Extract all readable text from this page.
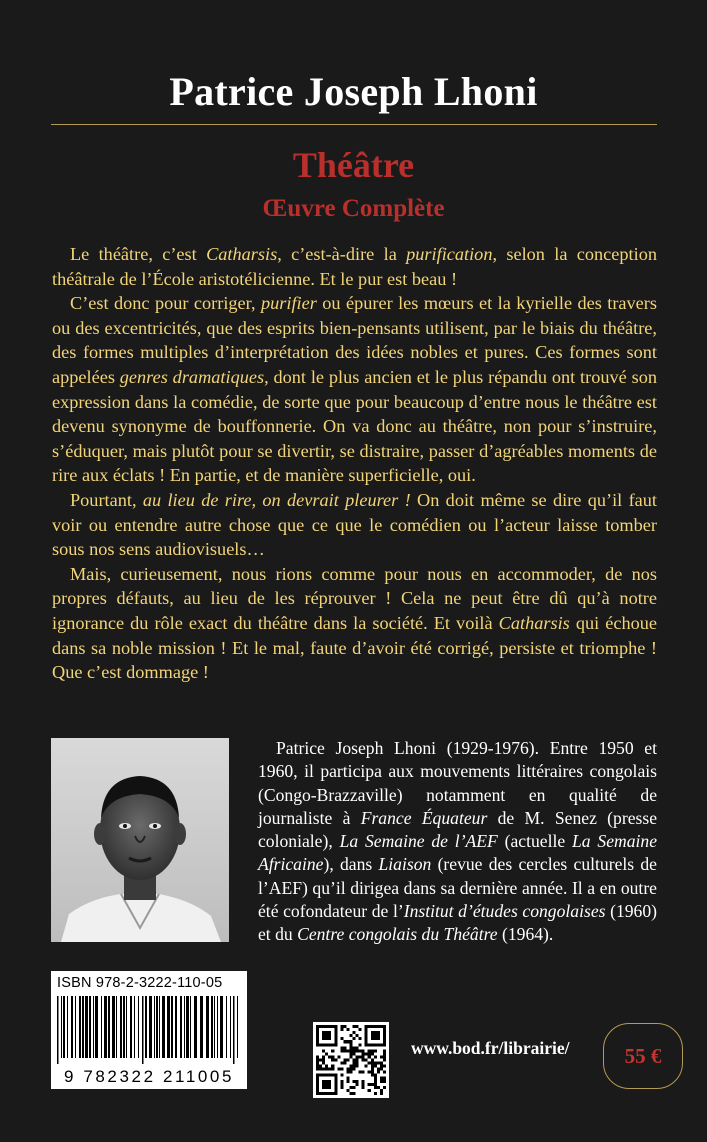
Patrice Joseph Lhoni
Théâtre
Œuvre Complète

Le théâtre, c’est Catharsis, c’est-à-dire la purification, selon la conception théâtrale de l’École aristotélicienne. Et le pur est beau !

C’est donc pour corriger, purifier ou épurer les mœurs et la kyrielle des travers ou des excentricités, que des esprits bien-pensants utilisent, par le biais du théâtre, des formes multiples d’interprétation des idées nobles et pures. Ces formes sont appelées genres dramatiques, dont le plus ancien et le plus répandu ont trouvé son expression dans la comédie, de sorte que pour beaucoup d’entre nous le théâtre est devenu synonyme de bouffonnerie. On va donc au théâtre, non pour s’instruire, s’éduquer, mais plutôt pour se divertir, se distraire, passer d’agréables moments de rire aux éclats ! En partie, et de manière superficielle, oui.

Pourtant, au lieu de rire, on devrait pleurer ! On doit même se dire qu’il faut voir ou entendre autre chose que ce que le comédien ou l’acteur laisse tomber sous nos sens audiovisuels…

Mais, curieusement, nous rions comme pour nous en accommoder, de nos propres défauts, au lieu de les réprouver ! Cela ne peut être dû qu’à notre ignorance du rôle exact du théâtre dans la société. Et voilà Catharsis qui échoue dans sa noble mission ! Et le mal, faute d’avoir été corrigé, persiste et triomphe ! Que c’est dommage !

Patrice Joseph Lhoni (1929-1976). Entre 1950 et 1960, il participa aux mouvements littéraires congolais (Congo-Brazzaville) notamment en qualité de journaliste à France Équateur de M. Senez (presse coloniale), La Semaine de l’AEF (actuelle La Semaine Africaine), dans Liaison (revue des cercles culturels de l’AEF) qu’il dirigea dans sa dernière année. Il a en outre été cofondateur de l’Institut d’études congolaises (1960) et du Centre congolais du Théâtre (1964).

ISBN 978-2-3222-110-05
9 782322 211005
www.bod.fr/librairie/	55 €
